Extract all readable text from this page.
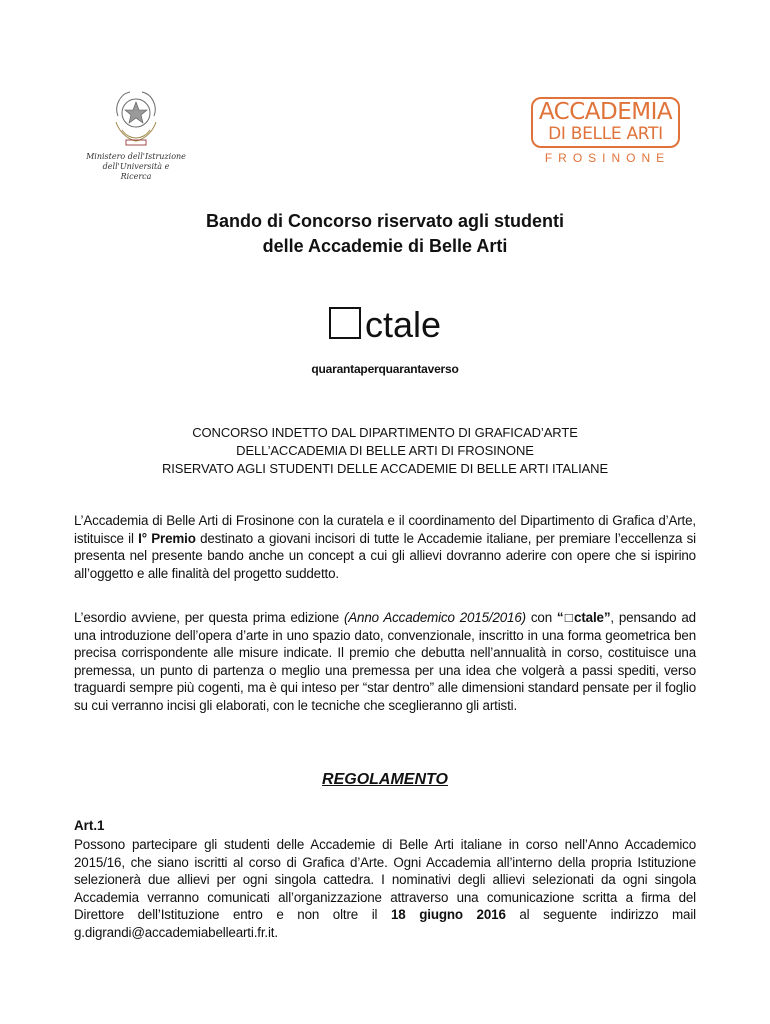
Ministero dell'Istruzione
dell'Università e Ricerca
ACCADEMIA
DI BELLE ARTI
FROSINONE
Bando di Concorso riservato agli studenti
delle Accademie di Belle Arti
ctale
quarantaperquarantaverso
CONCORSO INDETTO DAL DIPARTIMENTO DI GRAFICAD’ARTE
DELL’ACCADEMIA DI BELLE ARTI DI FROSINONE
RISERVATO AGLI STUDENTI DELLE ACCADEMIE DI BELLE ARTI ITALIANE
L’Accademia di Belle Arti di Frosinone con la curatela e il coordinamento del Dipartimento di Grafica d’Arte, istituisce il I° Premio destinato a giovani incisori di tutte le Accademie italiane, per premiare l’eccellenza si presenta nel presente bando anche un concept a cui gli allievi dovranno aderire con opere che si ispirino all’oggetto e alle finalità del progetto suddetto.
L’esordio avviene, per questa prima edizione (Anno Accademico 2015/2016) con “□ctale”, pensando ad una introduzione dell’opera d’arte in uno spazio dato, convenzionale, inscritto in una forma geometrica ben precisa corrispondente alle misure indicate. Il premio che debutta nell’annualità in corso, costituisce una premessa, un punto di partenza o meglio una premessa per una idea che volgerà a passi spediti, verso traguardi sempre più cogenti, ma è qui inteso per “star dentro” alle dimensioni standard pensate per il foglio su cui verranno incisi gli elaborati, con le tecniche che sceglieranno gli artisti.
REGOLAMENTO
Art.1
Possono partecipare gli studenti delle Accademie di Belle Arti italiane in corso nell’Anno Accademico 2015/16, che siano iscritti al corso di Grafica d’Arte. Ogni Accademia all’interno della propria Istituzione selezionerà due allievi per ogni singola cattedra. I nominativi degli allievi selezionati da ogni singola Accademia verranno comunicati all’organizzazione attraverso una comunicazione scritta a firma del Direttore dell’Istituzione entro e non oltre il 18 giugno 2016 al seguente indirizzo mail g.digrandi@accademiabellearti.fr.it.
